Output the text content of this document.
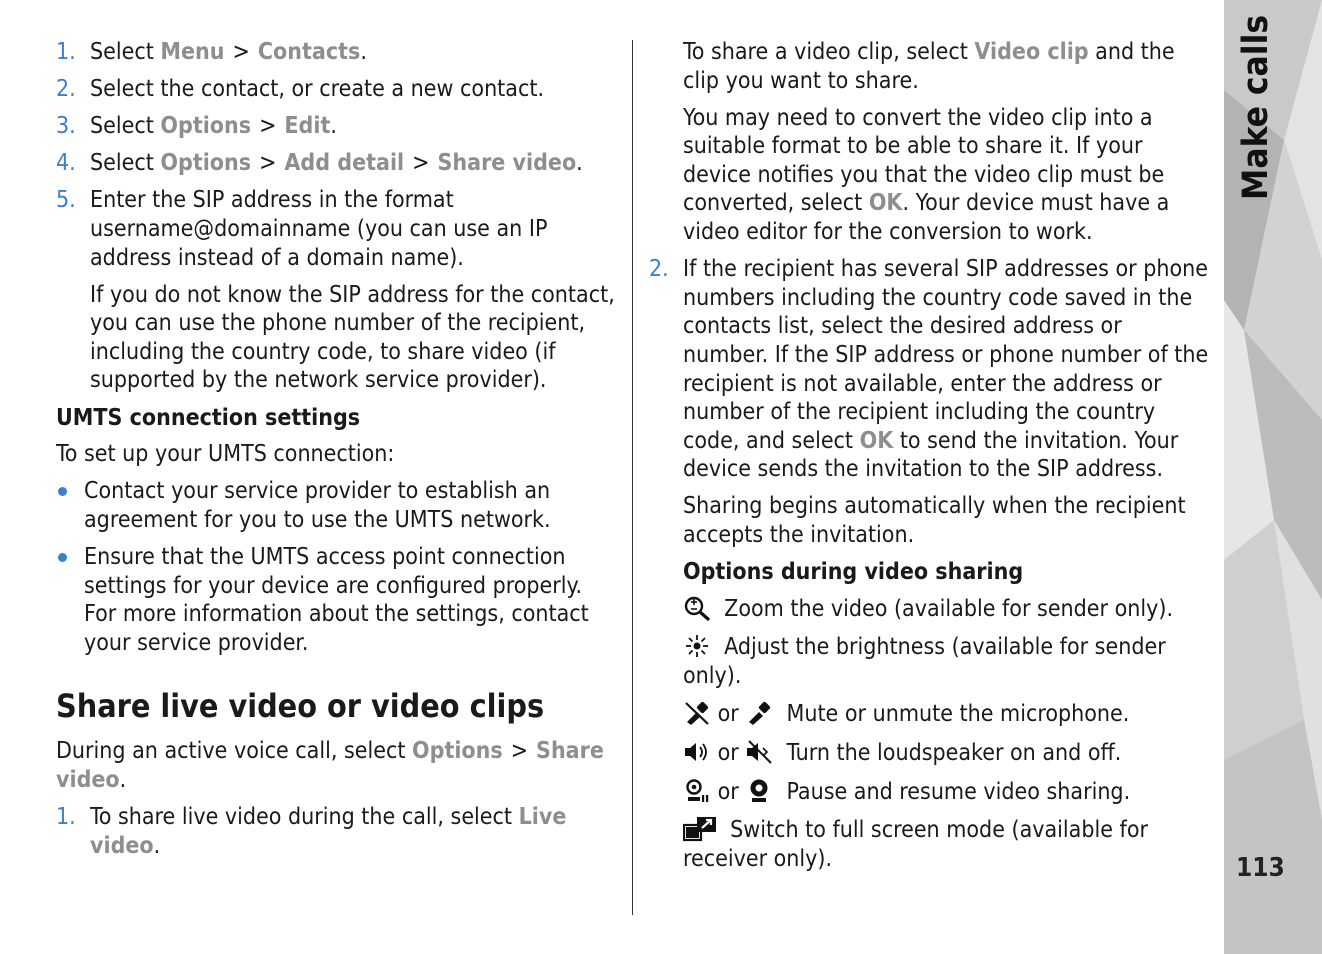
1. Select Menu > Contacts.
2. Select the contact, or create a new contact.
3. Select Options > Edit.
4. Select Options > Add detail > Share video.
5. Enter the SIP address in the format username@domainname (you can use an IP address instead of a domain name).

If you do not know the SIP address for the contact, you can use the phone number of the recipient, including the country code, to share video (if supported by the network service provider).

UMTS connection settings

To set up your UMTS connection:

Contact your service provider to establish an agreement for you to use the UMTS network.
Ensure that the UMTS access point connection settings for your device are configured properly. For more information about the settings, contact your service provider.
Share live video or video clips

During an active voice call, select Options > Share video.

1. To share live video during the call, select Live video.

To share a video clip, select Video clip and the clip you want to share.

You may need to convert the video clip into a suitable format to be able to share it. If your device notifies you that the video clip must be converted, select OK. Your device must have a video editor for the conversion to work.

2. If the recipient has several SIP addresses or phone numbers including the country code saved in the contacts list, select the desired address or number. If the SIP address or phone number of the recipient is not available, enter the address or number of the recipient including the country code, and select OK to send the invitation. Your device sends the invitation to the SIP address.

Sharing begins automatically when the recipient accepts the invitation.

Options during video sharing

Zoom the video (available for sender only).

Adjust the brightness (available for sender only).

or Mute or unmute the microphone.

or Turn the loudspeaker on and off.

or Pause and resume video sharing.

Switch to full screen mode (available for receiver only).

Make calls
113
